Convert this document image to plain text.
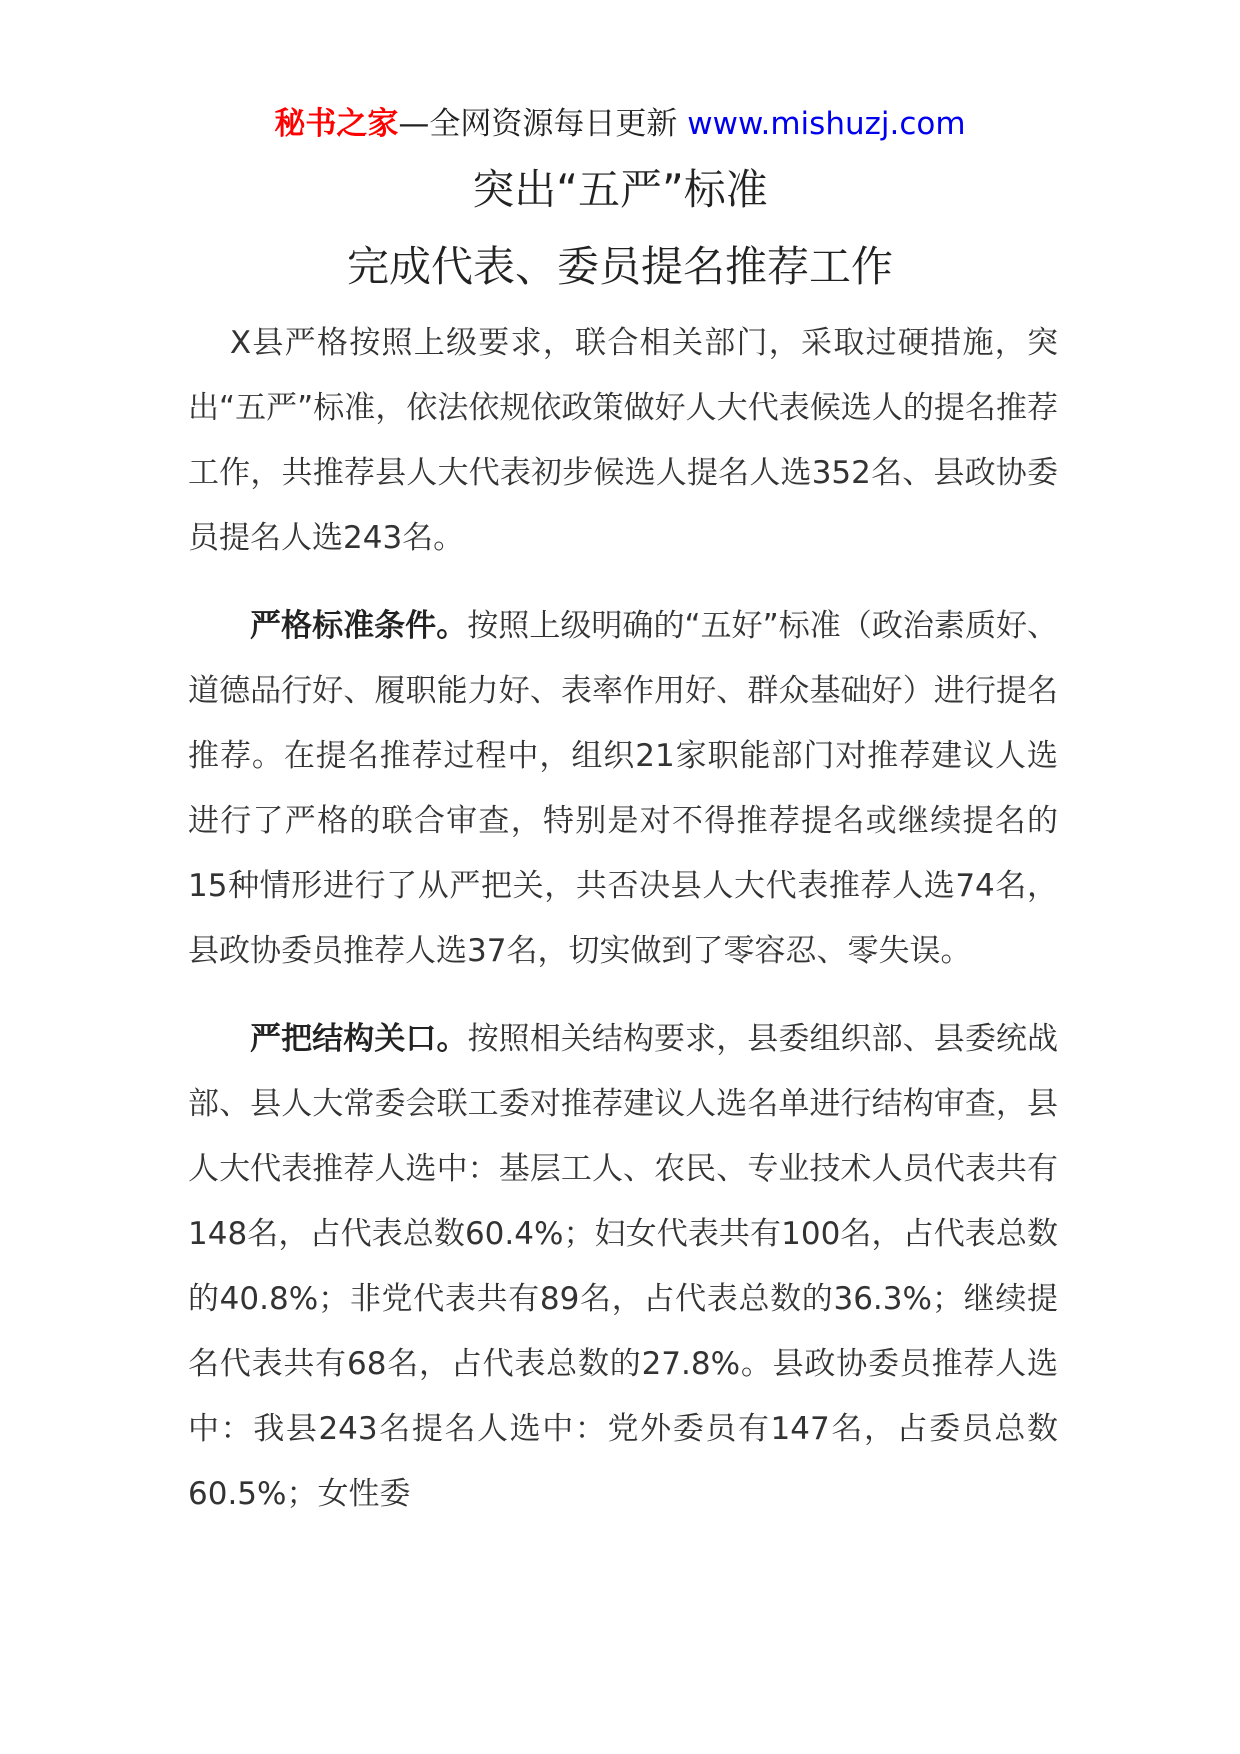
秘书之家—全网资源每日更新 www.mishuzj.com
突出“五严”标准
完成代表、委员提名推荐工作

X县严格按照上级要求，联合相关部门，采取过硬措施，突出“五严”标准，依法依规依政策做好人大代表候选人的提名推荐工作，共推荐县人大代表初步候选人提名人选352名、县政协委员提名人选243名。

严格标准条件。按照上级明确的“五好”标准（政治素质好、道德品行好、履职能力好、表率作用好、群众基础好）进行提名推荐。在提名推荐过程中，组织21家职能部门对推荐建议人选进行了严格的联合审查，特别是对不得推荐提名或继续提名的15种情形进行了从严把关，共否决县人大代表推荐人选74名，县政协委员推荐人选37名，切实做到了零容忍、零失误。

严把结构关口。按照相关结构要求，县委组织部、县委统战部、县人大常委会联工委对推荐建议人选名单进行结构审查，县人大代表推荐人选中：基层工人、农民、专业技术人员代表共有148名，占代表总数60.4%；妇女代表共有100名，占代表总数的40.8%；非党代表共有89名，占代表总数的36.3%；继续提名代表共有68名，占代表总数的27.8%。县政协委员推荐人选中：我县243名提名人选中：党外委员有147名，占委员总数60.5%；女性委
